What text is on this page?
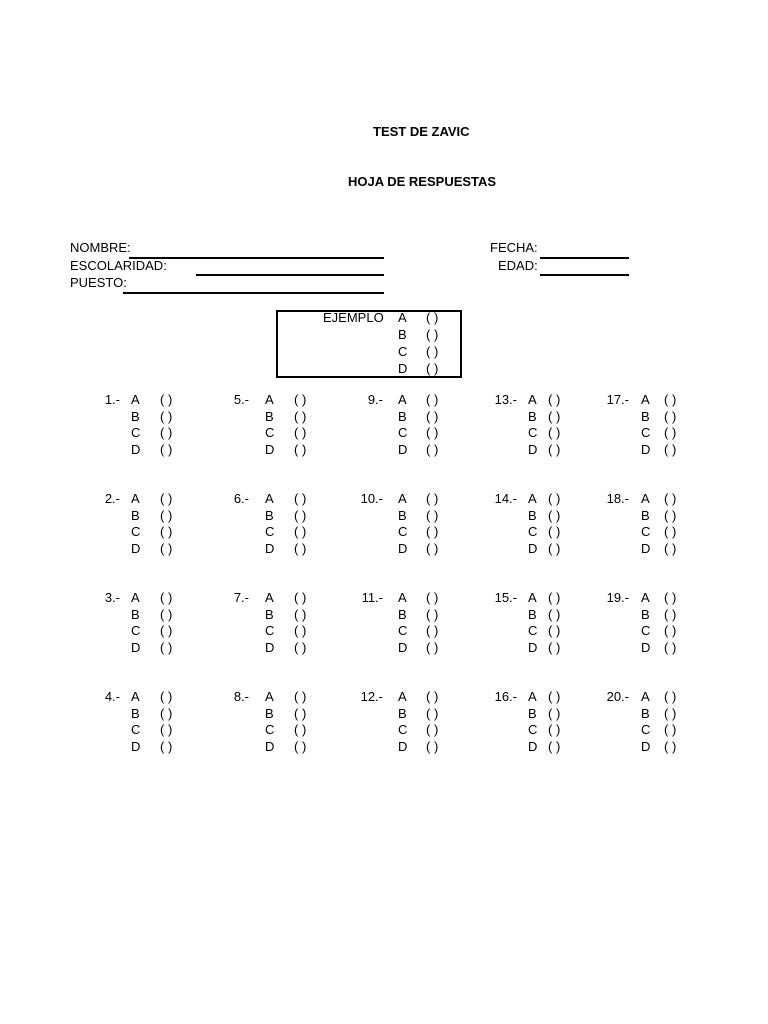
TEST DE ZAVIC
HOJA DE RESPUESTAS
NOMBRE:
ESCOLARIDAD:
PUESTO:
FECHA:
EDAD:
EJEMPLO A ( )
B ( )
C ( )
D ( )
1.- A ( )
B ( )
C ( )
D ( )
2.- A ( )
B ( )
C ( )
D ( )
3.- A ( )
B ( )
C ( )
D ( )
4.- A ( )
B ( )
C ( )
D ( )
5.- A ( )
B ( )
C ( )
D ( )
6.- A ( )
B ( )
C ( )
D ( )
7.- A ( )
B ( )
C ( )
D ( )
8.- A ( )
B ( )
C ( )
D ( )
9.- A ( )
B ( )
C ( )
D ( )
10.- A ( )
B ( )
C ( )
D ( )
11.- A ( )
B ( )
C ( )
D ( )
12.- A ( )
B ( )
C ( )
D ( )
13.- A ( )
B ( )
C ( )
D ( )
14.- A ( )
B ( )
C ( )
D ( )
15.- A ( )
B ( )
C ( )
D ( )
16.- A ( )
B ( )
C ( )
D ( )
17.- A ( )
B ( )
C ( )
D ( )
18.- A ( )
B ( )
C ( )
D ( )
19.- A ( )
B ( )
C ( )
D ( )
20.- A ( )
B ( )
C ( )
D ( )
